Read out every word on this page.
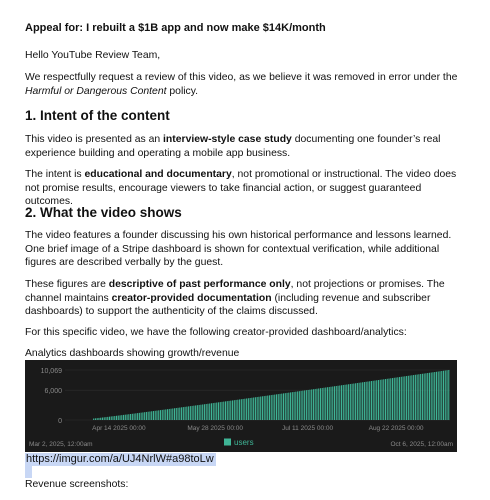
Appeal for: I rebuilt a $1B app and now make $14K/month

Hello YouTube Review Team,

We respectfully request a review of this video, as we believe it was removed in error under the Harmful or Dangerous Content policy.

1. Intent of the content

This video is presented as an interview-style case study documenting one founder’s real experience building and operating a mobile app business.

The intent is educational and documentary, not promotional or instructional. The video does not promise results, encourage viewers to take financial action, or suggest guaranteed outcomes.

2. What the video shows

The video features a founder discussing his own historical performance and lessons learned. One brief image of a Stripe dashboard is shown for contextual verification, while additional figures are described verbally by the guest.

These figures are descriptive of past performance only, not projections or promises. The channel maintains creator-provided documentation (including revenue and subscriber dashboards) to support the authenticity of the claims discussed.

For this specific video, we have the following creator-provided dashboard/analytics:

Analytics dashboards showing growth/revenue

10,069
6,000
0
Apr 14 2025 00:00	May 28 2025 00:00	Jul 11 2025 00:00	Aug 22 2025 00:00
Mar 2, 2025, 12:00am	Oct 6, 2025, 12:00am
users
https://imgur.com/a/UJ4NrlW#a98toLw

Revenue screenshots:
